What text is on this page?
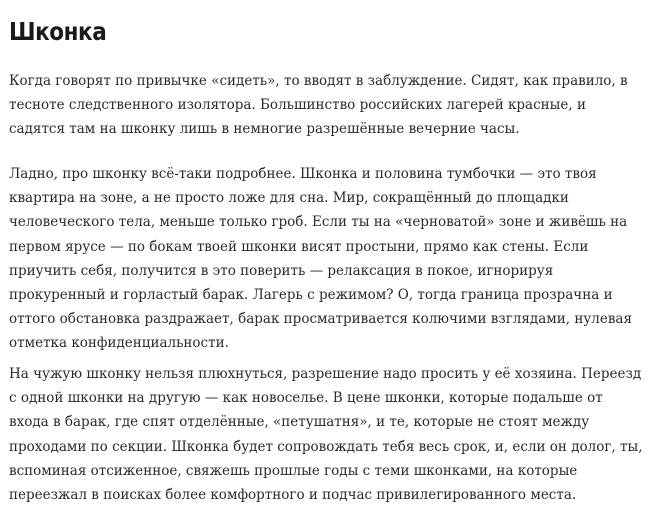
Шконка

Когда говорят по привычке «сидеть», то вводят в заблуждение. Сидят, как правило, в
тесноте следственного изолятора. Большинство российских лагерей красные, и
садятся там на шконку лишь в немногие разрешённые вечерние часы.

Ладно, про шконку всё-таки подробнее. Шконка и половина тумбочки — это твоя
квартира на зоне, а не просто ложе для сна. Мир, сокращённый до площадки
человеческого тела, меньше только гроб. Если ты на «черноватой» зоне и живёшь на
первом ярусе — по бокам твоей шконки висят простыни, прямо как стены. Если
приучить себя, получится в это поверить — релаксация в покое, игнорируя
прокуренный и горластый барак. Лагерь с режимом? О, тогда граница прозрачна и
оттого обстановка раздражает, барак просматривается колючими взглядами, нулевая
отметка конфиденциальности.

На чужую шконку нельзя плюхнуться, разрешение надо просить у её хозяина. Переезд
с одной шконки на другую — как новоселье. В цене шконки, которые подальше от
входа в барак, где спят отделённые, «петушатня», и те, которые не стоят между
проходами по секции. Шконка будет сопровождать тебя весь срок, и, если он долог, ты,
вспоминая отсиженное, свяжешь прошлые годы с теми шконками, на которые
переезжал в поисках более комфортного и подчас привилегированного места.
